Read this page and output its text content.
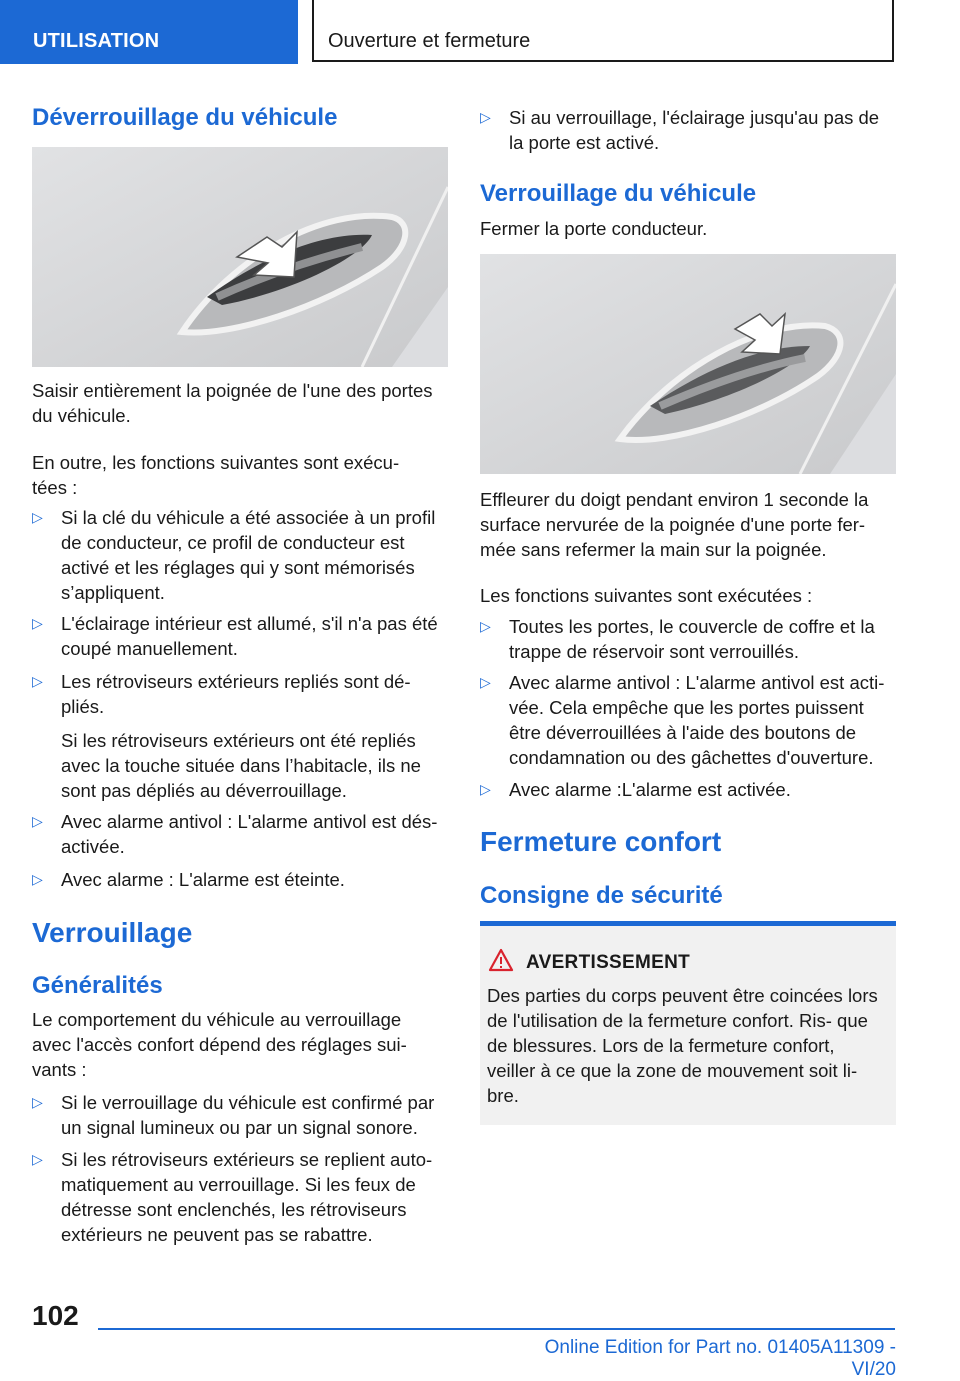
UTILISATION	Ouverture et fermeture
Déverrouillage du véhicule

Saisir entièrement la poignée de l'une des portes du véhicule.

En outre, les fonctions suivantes sont exécu- tées :

▷ Si la clé du véhicule a été associée à un profil de conducteur, ce profil de conducteur est activé et les réglages qui y sont mémorisés s’appliquent.
▷ L'éclairage intérieur est allumé, s'il n'a pas été coupé manuellement.
▷ Les rétroviseurs extérieurs repliés sont dé- pliés.
Si les rétroviseurs extérieurs ont été repliés avec la touche située dans l’habitacle, ils ne sont pas dépliés au déverrouillage.
▷ Avec alarme antivol : L'alarme antivol est dés- activée.
▷ Avec alarme : L'alarme est éteinte.
Verrouillage
Généralités

Le comportement du véhicule au verrouillage avec l'accès confort dépend des réglages sui- vants :

▷ Si le verrouillage du véhicule est confirmé par un signal lumineux ou par un signal sonore.
▷ Si les rétroviseurs extérieurs se replient auto- matiquement au verrouillage. Si les feux de détresse sont enclenchés, les rétroviseurs extérieurs ne peuvent pas se rabattre.
▷ Si au verrouillage, l'éclairage jusqu'au pas de la porte est activé.
Verrouillage du véhicule

Fermer la porte conducteur.

Effleurer du doigt pendant environ 1 seconde la surface nervurée de la poignée d'une porte fer- mée sans refermer la main sur la poignée.

Les fonctions suivantes sont exécutées :

▷ Toutes les portes, le couvercle de coffre et la trappe de réservoir sont verrouillés.
▷ Avec alarme antivol : L'alarme antivol est acti- vée. Cela empêche que les portes puissent être déverrouillées à l'aide des boutons de condamnation ou des gâchettes d'ouverture.
▷ Avec alarme :L'alarme est activée.
Fermeture confort
Consigne de sécurité
AVERTISSEMENT

Des parties du corps peuvent être coincées lors de l'utilisation de la fermeture confort. Ris- que de blessures. Lors de la fermeture confort, veiller à ce que la zone de mouvement soit li- bre.

102
Online Edition for Part no. 01405A11309 - VI/20
